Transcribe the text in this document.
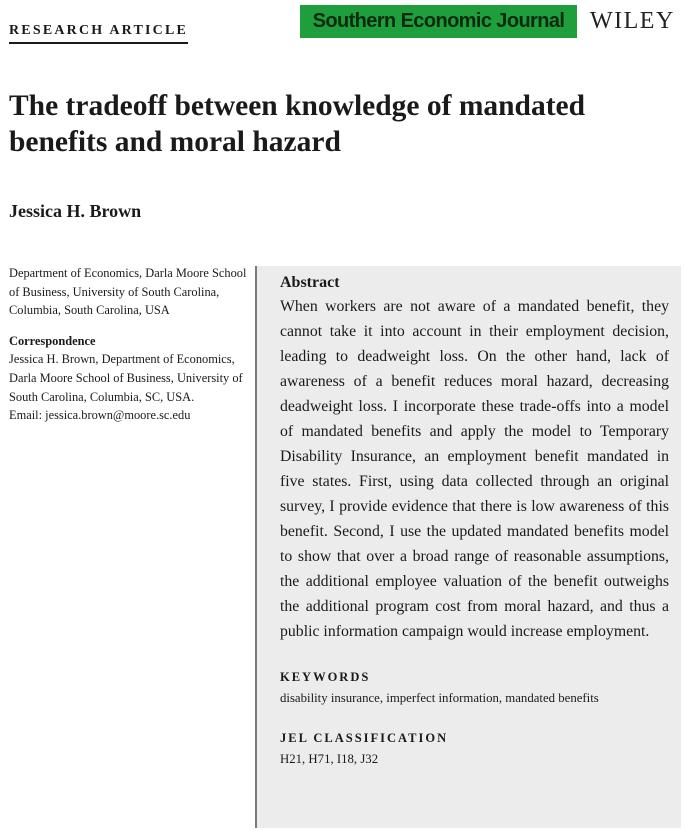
RESEARCH ARTICLE	Southern Economic Journal	WILEY
The tradeoff between knowledge of mandated benefits and moral hazard
Jessica H. Brown

Department of Economics, Darla Moore School of Business, University of South Carolina, Columbia, South Carolina, USA

Correspondence

Jessica H. Brown, Department of Economics, Darla Moore School of Business, University of South Carolina, Columbia, SC, USA.

Email: jessica.brown@moore.sc.edu

Abstract

When workers are not aware of a mandated benefit, they cannot take it into account in their employment decision, leading to deadweight loss. On the other hand, lack of awareness of a benefit reduces moral hazard, decreasing deadweight loss. I incorporate these trade-offs into a model of mandated benefits and apply the model to Temporary Disability Insurance, an employment benefit mandated in five states. First, using data collected through an original survey, I provide evidence that there is low awareness of this benefit. Second, I use the updated mandated benefits model to show that over a broad range of reasonable assumptions, the additional employee valuation of the benefit outweighs the additional program cost from moral hazard, and thus a public information campaign would increase employment.

KEYWORDS

disability insurance, imperfect information, mandated benefits

JEL CLASSIFICATION

H21, H71, I18, J32
